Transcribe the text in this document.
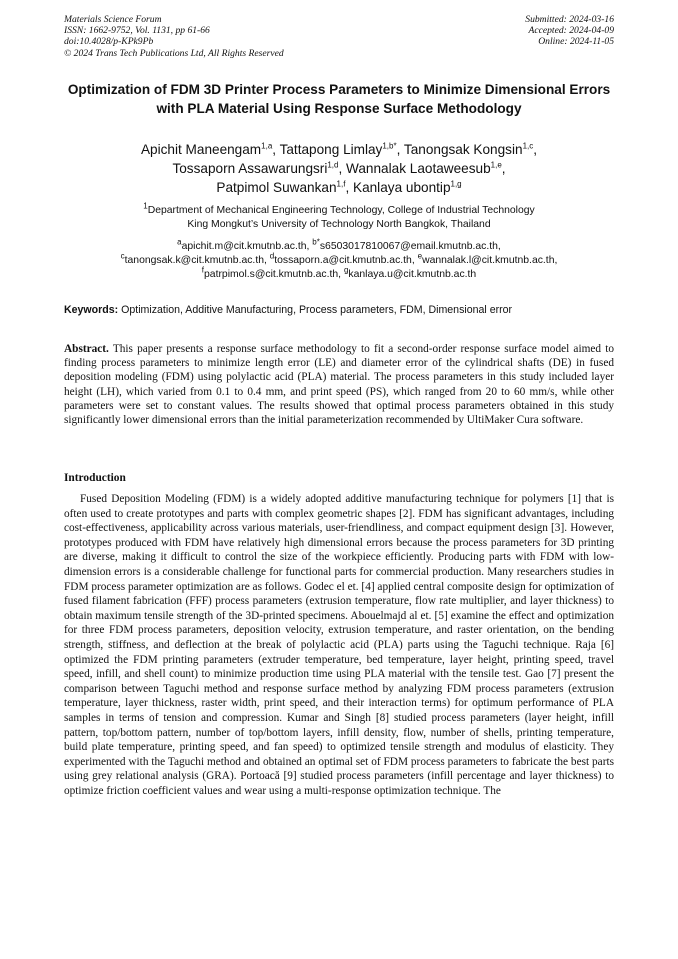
Materials Science Forum
ISSN: 1662-9752, Vol. 1131, pp 61-66
doi:10.4028/p-KPk9Pb
© 2024 Trans Tech Publications Ltd, All Rights Reserved
Submitted: 2024-03-16
Accepted: 2024-04-09
Online: 2024-11-05
Optimization of FDM 3D Printer Process Parameters to Minimize Dimensional Errors with PLA Material Using Response Surface Methodology
Apichit Maneengam$^{1,a}$, Tattapong Limlay$^{1,b*}$, Tanongsak Kongsin$^{1,c}$,
Tossaporn Assawarungsri$^{1,d}$, Wannalak Laotaweesub$^{1,e}$,
Patpimol Suwankan$^{1,f}$, Kanlaya ubontip$^{1,g}$
$^1$Department of Mechanical Engineering Technology, College of Industrial Technology
King Mongkut’s University of Technology North Bangkok, Thailand
$^a$apichit.m@cit.kmutnb.ac.th, $^{b*}$s6503017810067@email.kmutnb.ac.th,
$^c$tanongsak.k@cit.kmutnb.ac.th, $^d$tossaporn.a@cit.kmutnb.ac.th, $^e$wannalak.l@cit.kmutnb.ac.th,
$^f$patrpimol.s@cit.kmutnb.ac.th, $^g$kanlaya.u@cit.kmutnb.ac.th
Keywords: Optimization, Additive Manufacturing, Process parameters, FDM, Dimensional error
Abstract. This paper presents a response surface methodology to fit a second-order response surface model aimed to finding process parameters to minimize length error (LE) and diameter error of the cylindrical shafts (DE) in fused deposition modeling (FDM) using polylactic acid (PLA) material. The process parameters in this study included layer height (LH), which varied from 0.1 to 0.4 mm, and print speed (PS), which ranged from 20 to 60 mm/s, while other parameters were set to constant values. The results showed that optimal process parameters obtained in this study significantly lower dimensional errors than the initial parameterization recommended by UltiMaker Cura software.
Introduction
Fused Deposition Modeling (FDM) is a widely adopted additive manufacturing technique for polymers [1] that is often used to create prototypes and parts with complex geometric shapes [2]. FDM has significant advantages, including cost-effectiveness, applicability across various materials, user-friendliness, and compact equipment design [3]. However, prototypes produced with FDM have relatively high dimensional errors because the process parameters for 3D printing are diverse, making it difficult to control the size of the workpiece efficiently. Producing parts with FDM with low-dimension errors is a considerable challenge for functional parts for commercial production. Many researchers studies in FDM process parameter optimization are as follows. Godec el et. [4] applied central composite design for optimization of fused filament fabrication (FFF) process parameters (extrusion temperature, flow rate multiplier, and layer thickness) to obtain maximum tensile strength of the 3D-printed specimens. Abouelmajd al et. [5] examine the effect and optimization for three FDM process parameters, deposition velocity, extrusion temperature, and raster orientation, on the bending strength, stiffness, and deflection at the break of polylactic acid (PLA) parts using the Taguchi technique. Raja [6] optimized the FDM printing parameters (extruder temperature, bed temperature, layer height, printing speed, travel speed, infill, and shell count) to minimize production time using PLA material with the tensile test. Gao [7] present the comparison between Taguchi method and response surface method by analyzing FDM process parameters (extrusion temperature, layer thickness, raster width, print speed, and their interaction terms) for optimum performance of PLA samples in terms of tension and compression. Kumar and Singh [8] studied process parameters (layer height, infill pattern, top/bottom pattern, number of top/bottom layers, infill density, flow, number of shells, printing temperature, build plate temperature, printing speed, and fan speed) to optimized tensile strength and modulus of elasticity. They experimented with the Taguchi method and obtained an optimal set of FDM process parameters to fabricate the best parts using grey relational analysis (GRA). Portoacă [9] studied process parameters (infill percentage and layer thickness) to optimize friction coefficient values and wear using a multi-response optimization technique. The
